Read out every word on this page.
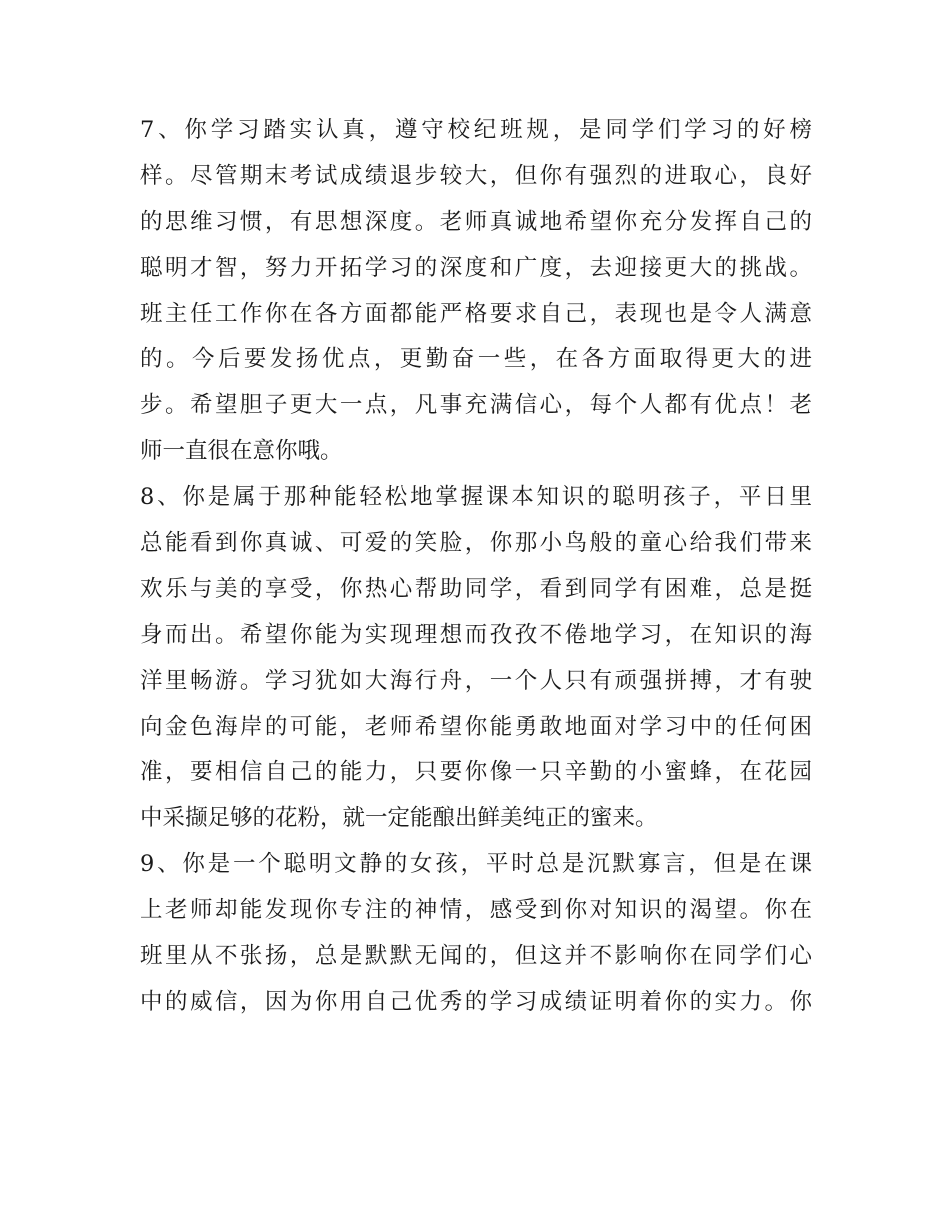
7、你学习踏实认真，遵守校纪班规，是同学们学习的好榜
样。尽管期末考试成绩退步较大，但你有强烈的进取心，良好
的思维习惯，有思想深度。老师真诚地希望你充分发挥自己的
聪明才智，努力开拓学习的深度和广度，去迎接更大的挑战。
班主任工作你在各方面都能严格要求自己，表现也是令人满意
的。今后要发扬优点，更勤奋一些，在各方面取得更大的进
步。希望胆子更大一点，凡事充满信心，每个人都有优点！老
师一直很在意你哦。
8、你是属于那种能轻松地掌握课本知识的聪明孩子，平日里
总能看到你真诚、可爱的笑脸，你那小鸟般的童心给我们带来
欢乐与美的享受，你热心帮助同学，看到同学有困难，总是挺
身而出。希望你能为实现理想而孜孜不倦地学习，在知识的海
洋里畅游。学习犹如大海行舟，一个人只有顽强拼搏，才有驶
向金色海岸的可能，老师希望你能勇敢地面对学习中的任何困
准，要相信自己的能力，只要你像一只辛勤的小蜜蜂，在花园
中采撷足够的花粉，就一定能酿出鲜美纯正的蜜来。
9、你是一个聪明文静的女孩，平时总是沉默寡言，但是在课
上老师却能发现你专注的神情，感受到你对知识的渴望。你在
班里从不张扬，总是默默无闻的，但这并不影响你在同学们心
中的威信，因为你用自己优秀的学习成绩证明着你的实力。你
